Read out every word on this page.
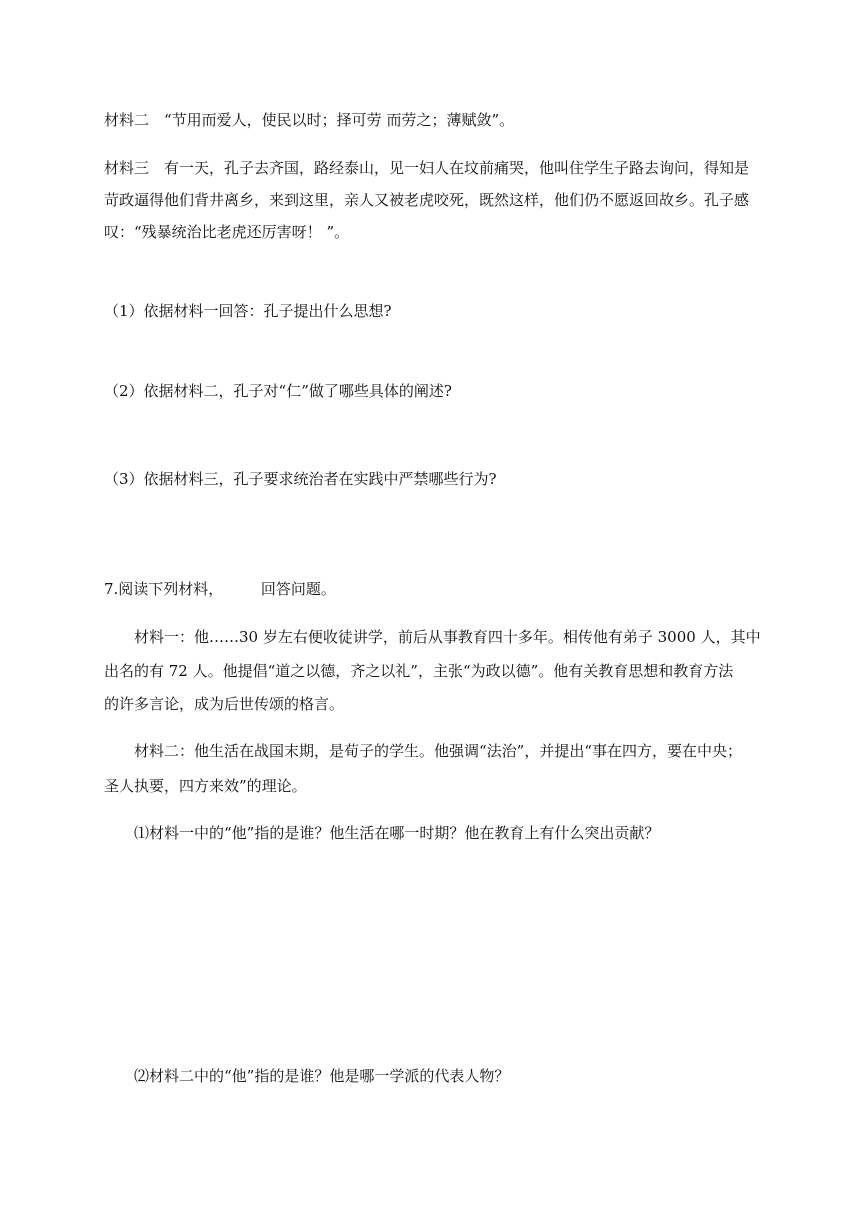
材料二　“节用而爱人，使民以时；择可劳 而劳之；薄赋敛”。

材料三　有一天，孔子去齐国，路经泰山，见一妇人在坟前痛哭，他叫住学生子路去询问，得知是

苛政逼得他们背井离乡，来到这里，亲人又被老虎咬死，既然这样，他们仍不愿返回故乡。孔子感

叹：“残暴统治比老虎还厉害呀！ ”。

（1）依据材料一回答：孔子提出什么思想?

（2）依据材料二，孔子对“仁”做了哪些具体的阐述?

（3）依据材料三，孔子要求统治者在实践中严禁哪些行为?

7.阅读下列材料，　　　回答问题。

材料一：他……30 岁左右便收徒讲学，前后从事教育四十多年。相传他有弟子 3000 人，其中

出名的有 72 人。他提倡“道之以德，齐之以礼”，主张“为政以德”。他有关教育思想和教育方法

的许多言论，成为后世传颂的格言。

材料二：他生活在战国末期，是荀子的学生。他强调“法治”，并提出“事在四方，要在中央；

圣人执要，四方来效”的理论。

⑴材料一中的“他”指的是谁？他生活在哪一时期？他在教育上有什么突出贡献？

⑵材料二中的“他”指的是谁？他是哪一学派的代表人物？
